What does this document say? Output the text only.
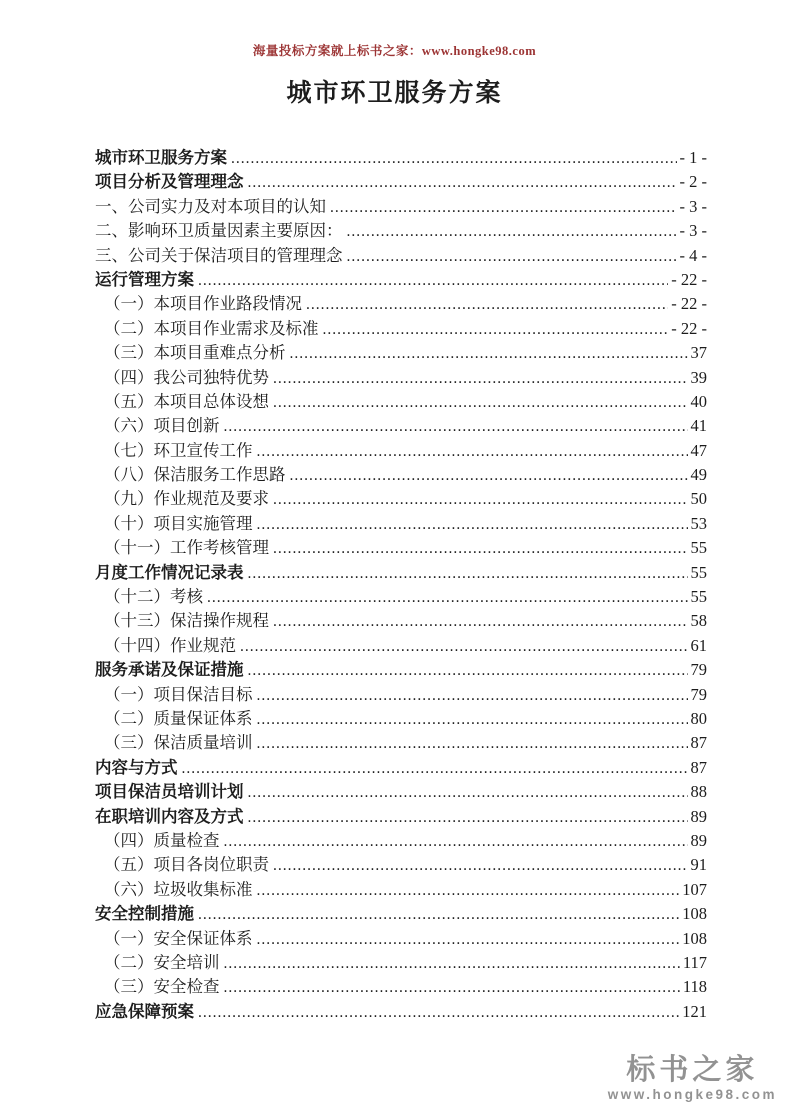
海量投标方案就上标书之家：www.hongke98.com
城市环卫服务方案
城市环卫服务方案 .....	- 1 -
项目分析及管理理念 .....	- 2 -
一、公司实力及对本项目的认知 .....	- 3 -
二、影响环卫质量因素主要原因： .....	- 3 -
三、公司关于保洁项目的管理理念 .....	- 4 -
运行管理方案 .....	- 22 -
（一）本项目作业路段情况 .....	- 22 -
（二）本项目作业需求及标准 .....	- 22 -
（三）本项目重难点分析 .....	37
（四）我公司独特优势 .....	39
（五）本项目总体设想 .....	40
（六）项目创新 .....	41
（七）环卫宣传工作 .....	47
（八）保洁服务工作思路 .....	49
（九）作业规范及要求 .....	50
（十）项目实施管理 .....	53
（十一）工作考核管理 .....	55
月度工作情况记录表 .....	55
（十二）考核 .....	55
（十三）保洁操作规程 .....	58
（十四）作业规范 .....	61
服务承诺及保证措施 .....	79
（一）项目保洁目标 .....	79
（二）质量保证体系 .....	80
（三）保洁质量培训 .....	87
内容与方式 .....	87
项目保洁员培训计划 .....	88
在职培训内容及方式 .....	89
（四）质量检查 .....	89
（五）项目各岗位职责 .....	91
（六）垃圾收集标准 .....	107
安全控制措施 .....	108
（一）安全保证体系 .....	108
（二）安全培训 .....	117
（三）安全检查 .....	118
应急保障预案 .....	121
标书之家
www.hongke98.com
